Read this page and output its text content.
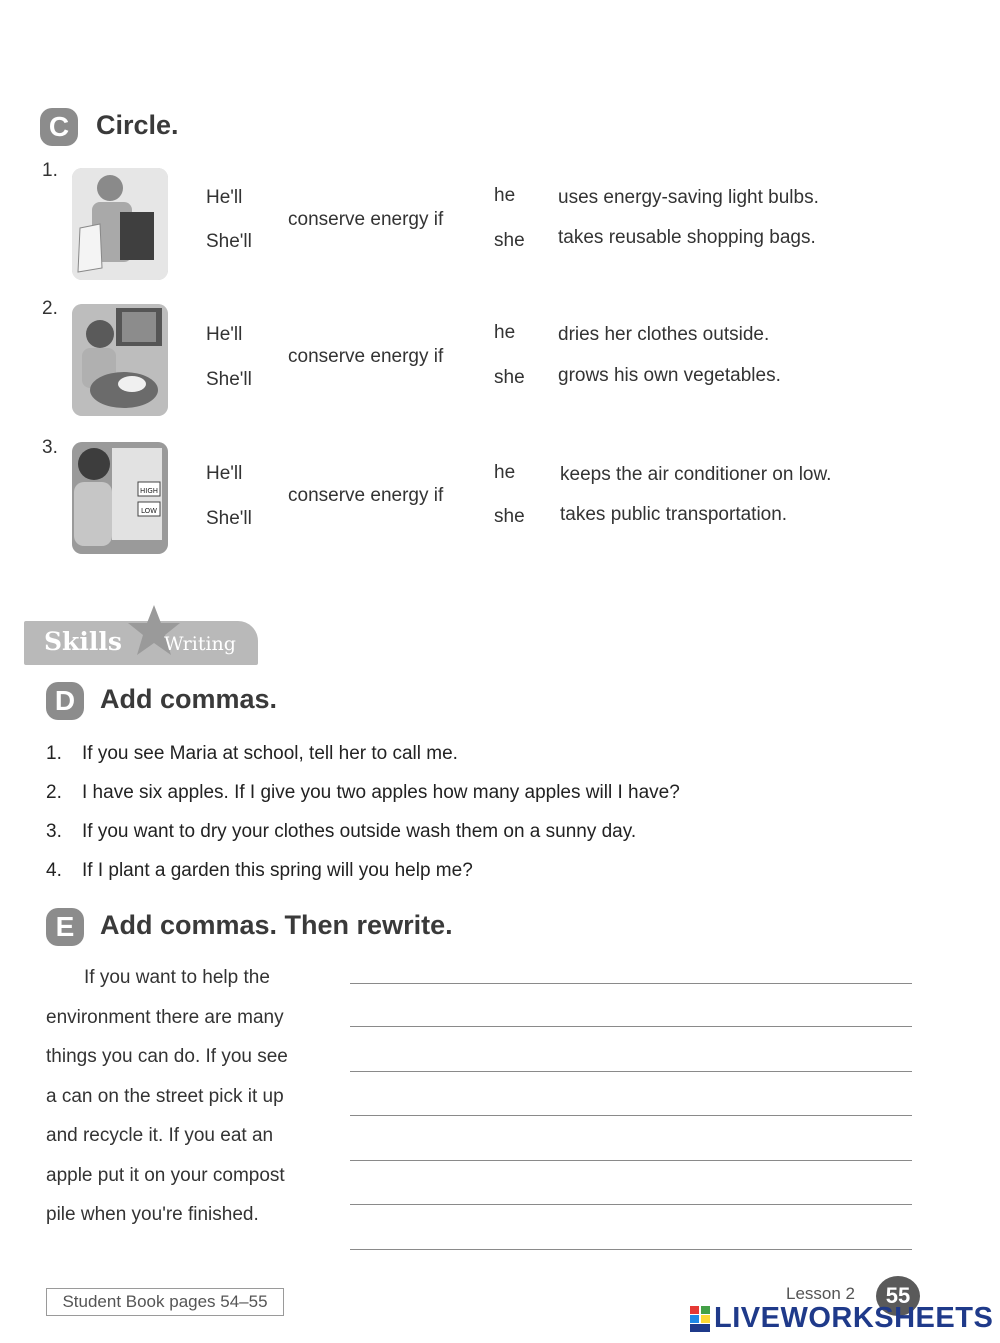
C Circle.
1.
He'll
She'll
conserve energy if
he
she
uses energy-saving light bulbs.
takes reusable shopping bags.
2.
He'll
She'll
conserve energy if
he
she
dries her clothes outside.
grows his own vegetables.
3.
HIGH
LOW
He'll
She'll
conserve energy if
he
she
keeps the air conditioner on low.
takes public transportation.
Skills Writing
D Add commas.
1. If you see Maria at school, tell her to call me.
2. I have six apples. If I give you two apples how many apples will I have?
3. If you want to dry your clothes outside wash them on a sunny day.
4. If I plant a garden this spring will you help me?
E Add commas. Then rewrite.
If you want to help the
environment there are many
things you can do. If you see
a can on the street pick it up
and recycle it. If you eat an
apple put it on your compost
pile when you're finished.
Student Book pages 54–55	Lesson 2 55
LIVEWORKSHEETS
